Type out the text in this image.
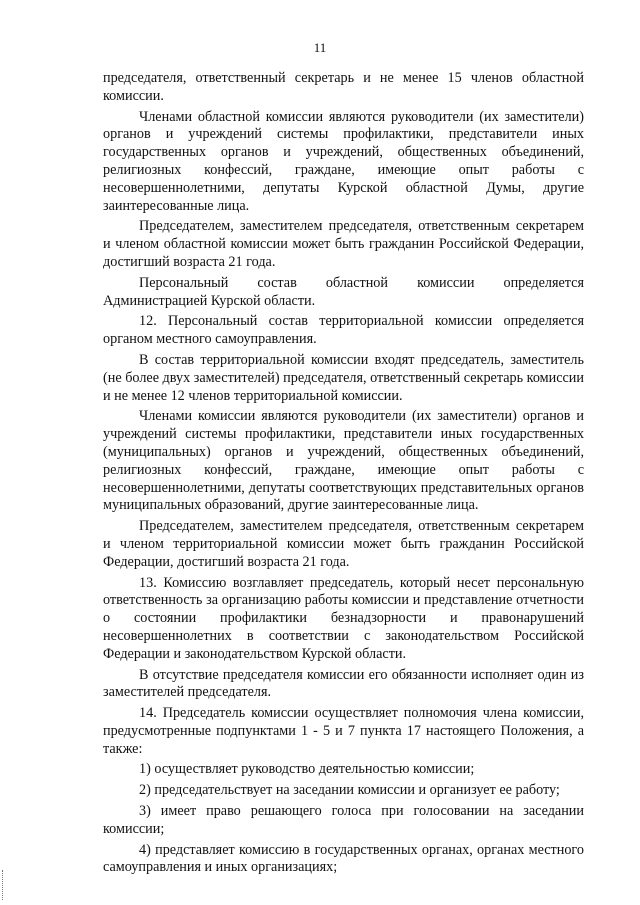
11

председателя, ответственный секретарь и не менее 15 членов областной комиссии.

Членами областной комиссии являются руководители (их заместители) органов и учреждений системы профилактики, представители иных государственных органов и учреждений, общественных объединений, религиозных конфессий, граждане, имеющие опыт работы с несовершеннолетними, депутаты Курской областной Думы, другие заинтересованные лица.

Председателем, заместителем председателя, ответственным секретарем и членом областной комиссии может быть гражданин Российской Федерации, достигший возраста 21 года.

Персональный состав областной комиссии определяется Администрацией Курской области.

12. Персональный состав территориальной комиссии определяется органом местного самоуправления.

В состав территориальной комиссии входят председатель, заместитель (не более двух заместителей) председателя, ответственный секретарь комиссии и не менее 12 членов территориальной комиссии.

Членами комиссии являются руководители (их заместители) органов и учреждений системы профилактики, представители иных государственных (муниципальных) органов и учреждений, общественных объединений, религиозных конфессий, граждане, имеющие опыт работы с несовершеннолетними, депутаты соответствующих представительных органов муниципальных образований, другие заинтересованные лица.

Председателем, заместителем председателя, ответственным секретарем и членом территориальной комиссии может быть гражданин Российской Федерации, достигший возраста 21 года.

13. Комиссию возглавляет председатель, который несет персональную ответственность за организацию работы комиссии и представление отчетности о состоянии профилактики безнадзорности и правонарушений несовершеннолетних в соответствии с законодательством Российской Федерации и законодательством Курской области.

В отсутствие председателя комиссии его обязанности исполняет один из заместителей председателя.

14. Председатель комиссии осуществляет полномочия члена комиссии, предусмотренные подпунктами 1 - 5 и 7 пункта 17 настоящего Положения, а также:

1) осуществляет руководство деятельностью комиссии;

2) председательствует на заседании комиссии и организует ее работу;

3) имеет право решающего голоса при голосовании на заседании комиссии;

4) представляет комиссию в государственных органах, органах местного самоуправления и иных организациях;
